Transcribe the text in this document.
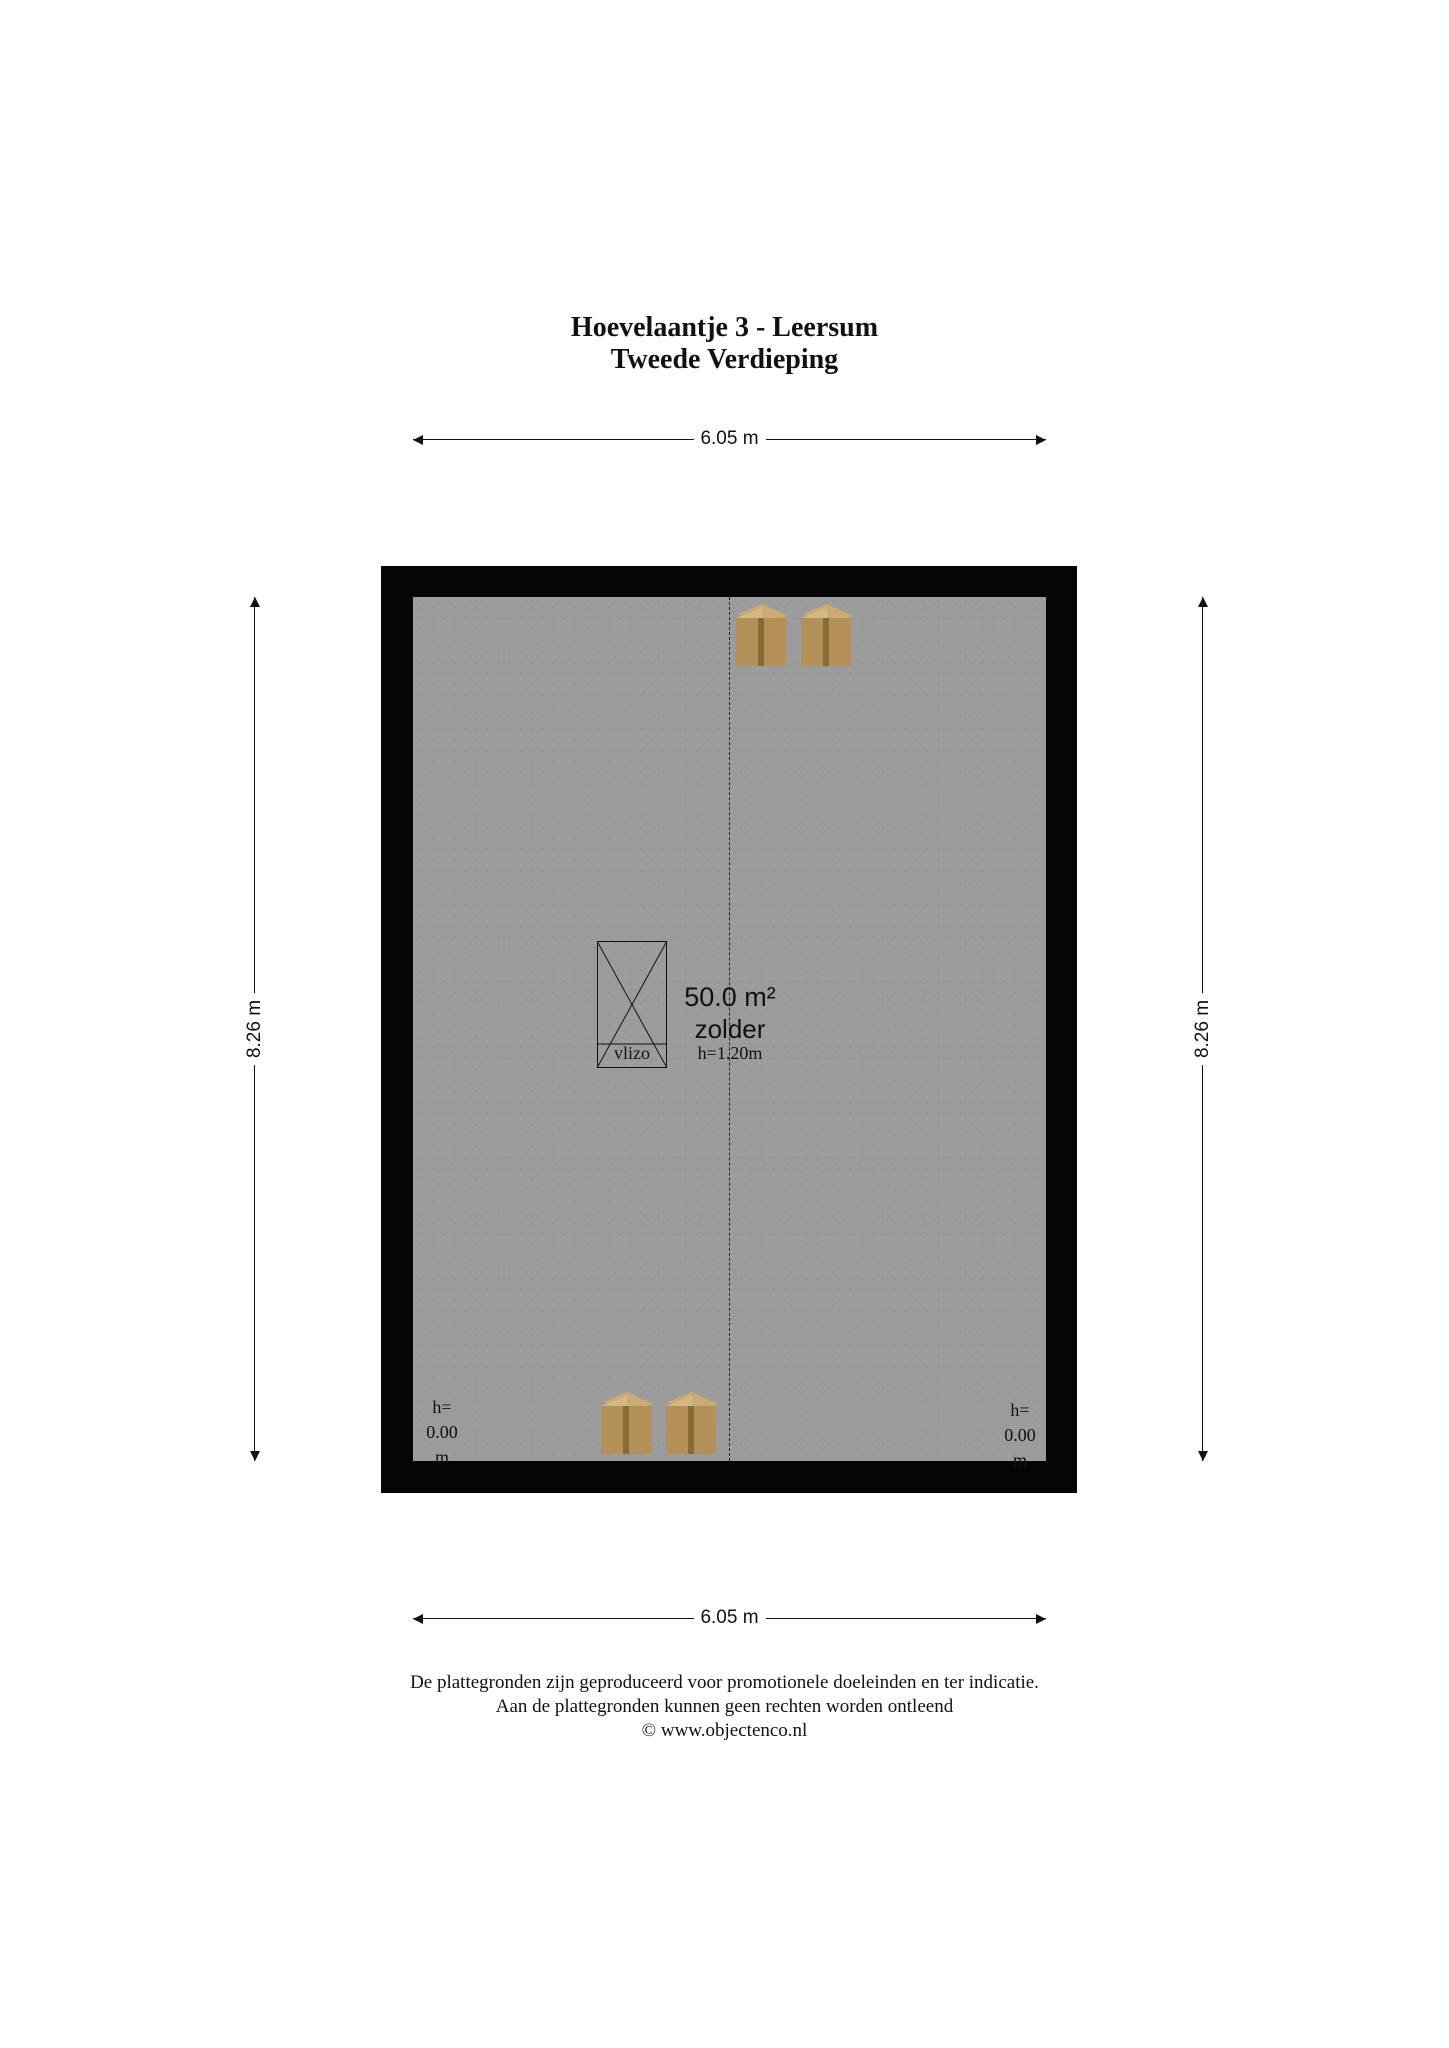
Hoevelaantje 3 - Leersum
Tweede Verdieping
6.05 m
8.26 m	8.26 m
vlizo
50.0 m²
zolder
h=1.20m
h=
0.00
m
h=
0.00
m
6.05 m
De plattegronden zijn geproduceerd voor promotionele doeleinden en ter indicatie.
Aan de plattegronden kunnen geen rechten worden ontleend
© www.objectenco.nl
